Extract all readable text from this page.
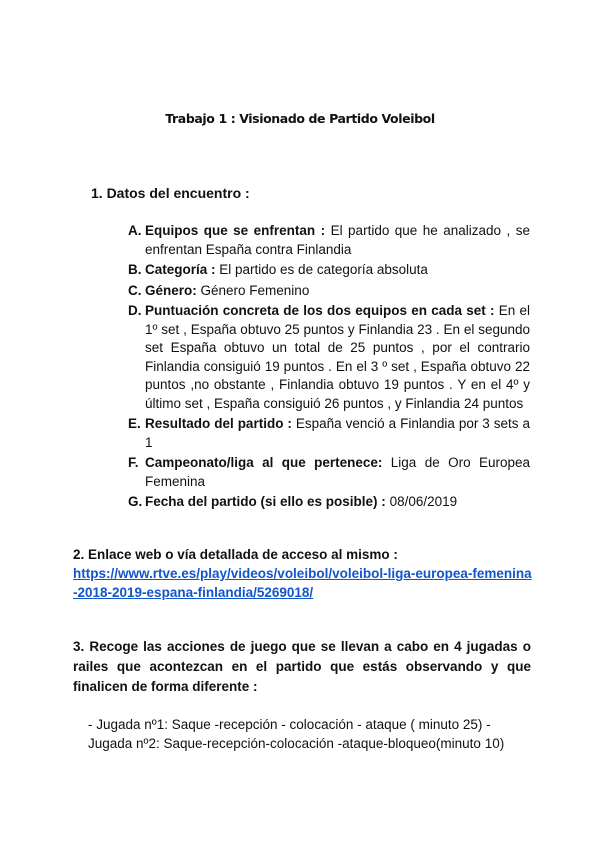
Trabajo 1 : Visionado de Partido Voleibol
1. Datos del encuentro :
A. Equipos que se enfrentan : El partido que he analizado , se enfrentan España contra Finlandia
B. Categoría : El partido es de categoría absoluta
C. Género: Género Femenino
D. Puntuación concreta de los dos equipos en cada set : En el 1º set , España obtuvo 25 puntos y Finlandia 23 . En el segundo set España obtuvo un total de 25 puntos , por el contrario Finlandia consiguió 19 puntos . En el 3 º set , España obtuvo 22 puntos ,no obstante , Finlandia obtuvo 19 puntos . Y en el 4º y último set , España consiguió 26 puntos , y Finlandia 24 puntos
E. Resultado del partido : España venció a Finlandia por 3 sets a 1
F. Campeonato/liga al que pertenece: Liga de Oro Europea Femenina
G. Fecha del partido (si ello es posible) : 08/06/2019
2. Enlace web o vía detallada de acceso al mismo :
https://www.rtve.es/play/videos/voleibol/voleibol-liga-europea-femenina-2018-2019-espana-finlandia/5269018/
3. Recoge las acciones de juego que se llevan a cabo en 4 jugadas o railes que acontezcan en el partido que estás observando y que finalicen de forma diferente :
- Jugada nº1: Saque -recepción - colocación - ataque ( minuto 25) -
Jugada nº2: Saque-recepción-colocación -ataque-bloqueo(minuto 10)
